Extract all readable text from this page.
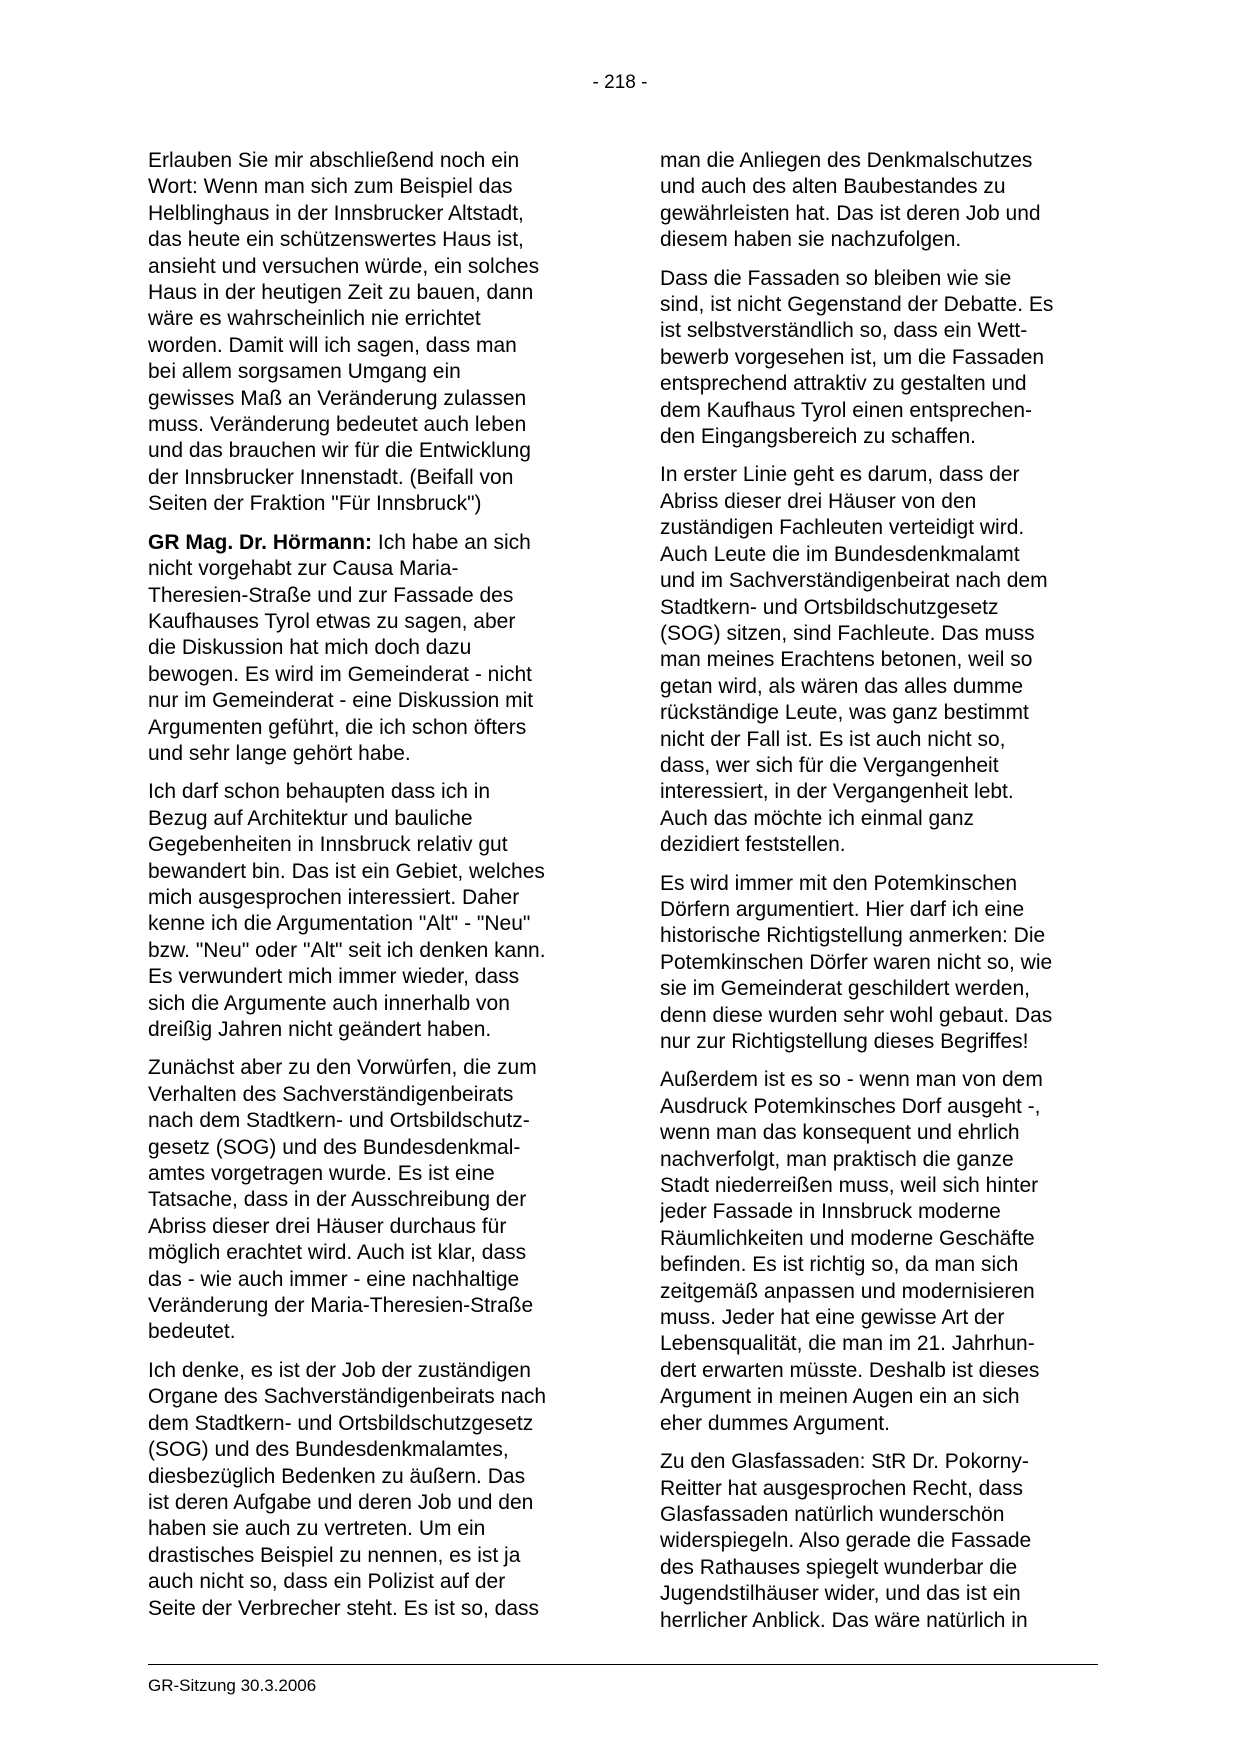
- 218 -

Erlauben Sie mir abschließend noch ein
Wort: Wenn man sich zum Beispiel das
Helblinghaus in der Innsbrucker Altstadt,
das heute ein schützenswertes Haus ist,
ansieht und versuchen würde, ein solches
Haus in der heutigen Zeit zu bauen, dann
wäre es wahrscheinlich nie errichtet
worden. Damit will ich sagen, dass man
bei allem sorgsamen Umgang ein
gewisses Maß an Veränderung zulassen
muss. Veränderung bedeutet auch leben
und das brauchen wir für die Entwicklung
der Innsbrucker Innenstadt. (Beifall von
Seiten der Fraktion "Für Innsbruck")

GR Mag. Dr. Hörmann: Ich habe an sich
nicht vorgehabt zur Causa Maria-
Theresien-Straße und zur Fassade des
Kaufhauses Tyrol etwas zu sagen, aber
die Diskussion hat mich doch dazu
bewogen. Es wird im Gemeinderat - nicht
nur im Gemeinderat - eine Diskussion mit
Argumenten geführt, die ich schon öfters
und sehr lange gehört habe.

Ich darf schon behaupten dass ich in
Bezug auf Architektur und bauliche
Gegebenheiten in Innsbruck relativ gut
bewandert bin. Das ist ein Gebiet, welches
mich ausgesprochen interessiert. Daher
kenne ich die Argumentation "Alt" - "Neu"
bzw. "Neu" oder "Alt" seit ich denken kann.
Es verwundert mich immer wieder, dass
sich die Argumente auch innerhalb von
dreißig Jahren nicht geändert haben.

Zunächst aber zu den Vorwürfen, die zum
Verhalten des Sachverständigenbeirats
nach dem Stadtkern- und Ortsbildschutz-
gesetz (SOG) und des Bundesdenkmal-
amtes vorgetragen wurde. Es ist eine
Tatsache, dass in der Ausschreibung der
Abriss dieser drei Häuser durchaus für
möglich erachtet wird. Auch ist klar, dass
das - wie auch immer - eine nachhaltige
Veränderung der Maria-Theresien-Straße
bedeutet.

Ich denke, es ist der Job der zuständigen
Organe des Sachverständigenbeirats nach
dem Stadtkern- und Ortsbildschutzgesetz
(SOG) und des Bundesdenkmalamtes,
diesbezüglich Bedenken zu äußern. Das
ist deren Aufgabe und deren Job und den
haben sie auch zu vertreten. Um ein
drastisches Beispiel zu nennen, es ist ja
auch nicht so, dass ein Polizist auf der
Seite der Verbrecher steht. Es ist so, dass

man die Anliegen des Denkmalschutzes
und auch des alten Baubestandes zu
gewährleisten hat. Das ist deren Job und
diesem haben sie nachzufolgen.

Dass die Fassaden so bleiben wie sie
sind, ist nicht Gegenstand der Debatte. Es
ist selbstverständlich so, dass ein Wett-
bewerb vorgesehen ist, um die Fassaden
entsprechend attraktiv zu gestalten und
dem Kaufhaus Tyrol einen entsprechen-
den Eingangsbereich zu schaffen.

In erster Linie geht es darum, dass der
Abriss dieser drei Häuser von den
zuständigen Fachleuten verteidigt wird.
Auch Leute die im Bundesdenkmalamt
und im Sachverständigenbeirat nach dem
Stadtkern- und Ortsbildschutzgesetz
(SOG) sitzen, sind Fachleute. Das muss
man meines Erachtens betonen, weil so
getan wird, als wären das alles dumme
rückständige Leute, was ganz bestimmt
nicht der Fall ist. Es ist auch nicht so,
dass, wer sich für die Vergangenheit
interessiert, in der Vergangenheit lebt.
Auch das möchte ich einmal ganz
dezidiert feststellen.

Es wird immer mit den Potemkinschen
Dörfern argumentiert. Hier darf ich eine
historische Richtigstellung anmerken: Die
Potemkinschen Dörfer waren nicht so, wie
sie im Gemeinderat geschildert werden,
denn diese wurden sehr wohl gebaut. Das
nur zur Richtigstellung dieses Begriffes!

Außerdem ist es so - wenn man von dem
Ausdruck Potemkinsches Dorf ausgeht -,
wenn man das konsequent und ehrlich
nachverfolgt, man praktisch die ganze
Stadt niederreißen muss, weil sich hinter
jeder Fassade in Innsbruck moderne
Räumlichkeiten und moderne Geschäfte
befinden. Es ist richtig so, da man sich
zeitgemäß anpassen und modernisieren
muss. Jeder hat eine gewisse Art der
Lebensqualität, die man im 21. Jahrhun-
dert erwarten müsste. Deshalb ist dieses
Argument in meinen Augen ein an sich
eher dummes Argument.

Zu den Glasfassaden: StR Dr. Pokorny-
Reitter hat ausgesprochen Recht, dass
Glasfassaden natürlich wunderschön
widerspiegeln. Also gerade die Fassade
des Rathauses spiegelt wunderbar die
Jugendstilhäuser wider, und das ist ein
herrlicher Anblick. Das wäre natürlich in

GR-Sitzung 30.3.2006
